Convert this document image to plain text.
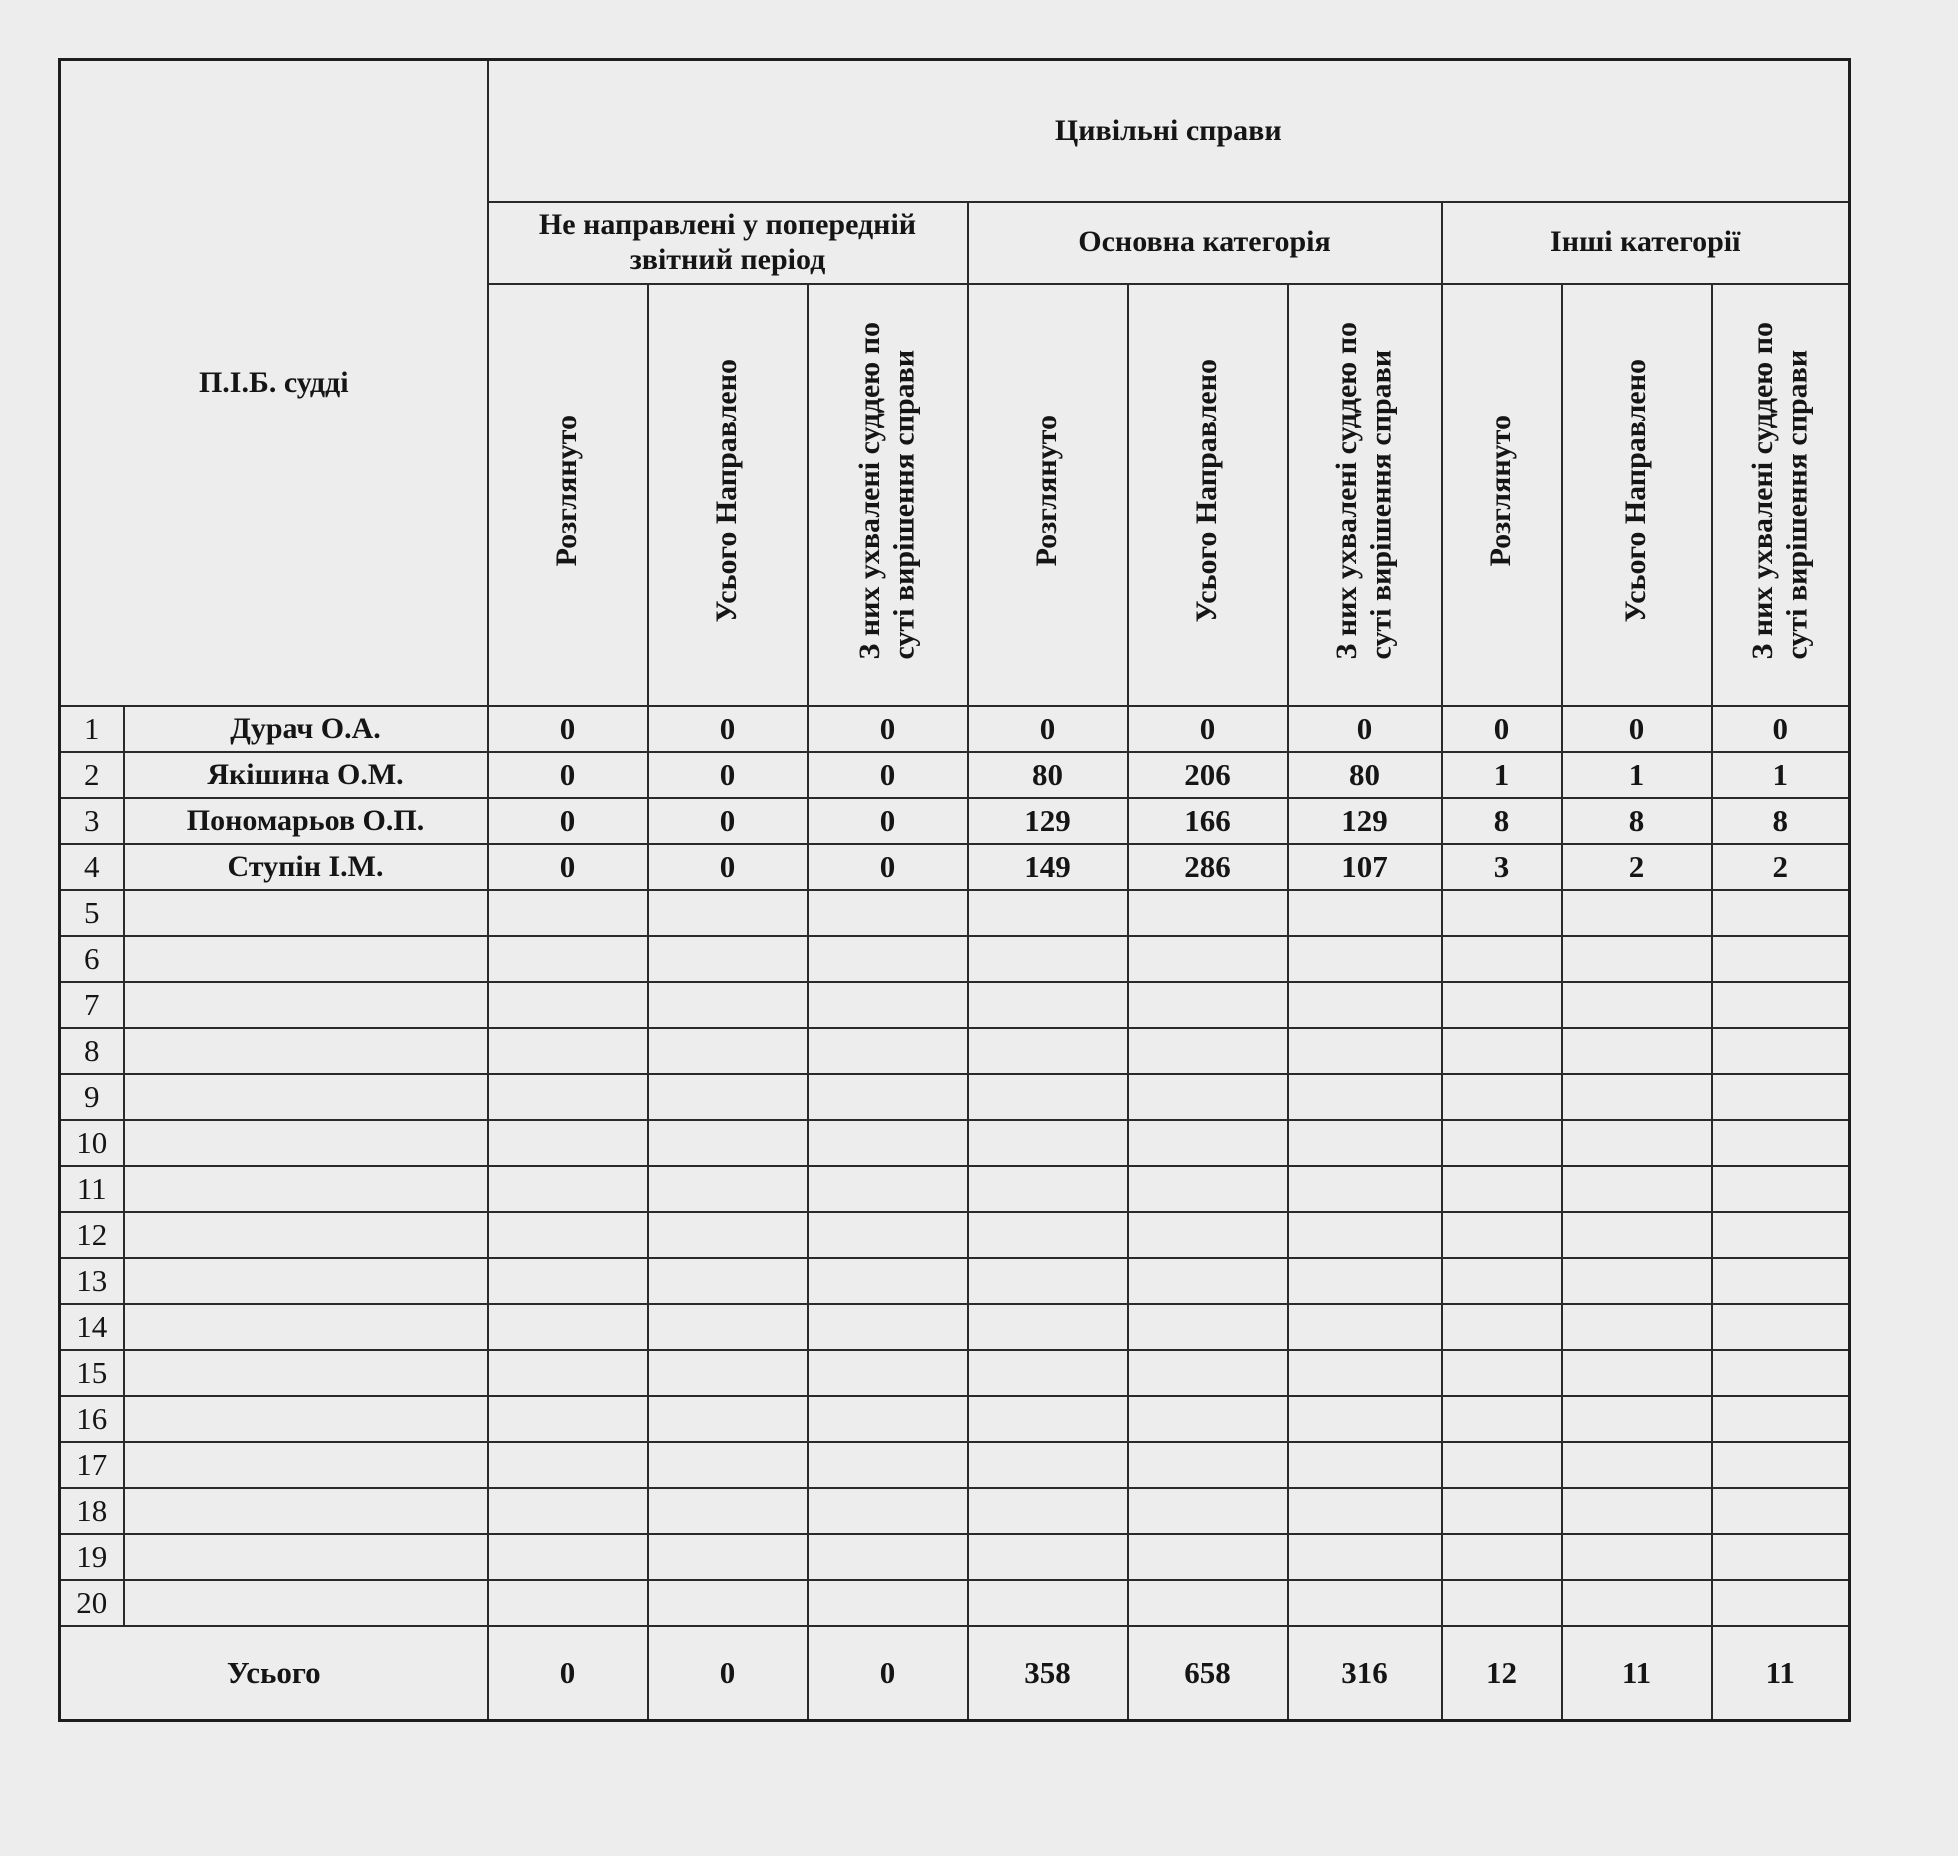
П.І.Б. судді		Цивільні справи								
		Не направлені у попередній звітний період			Основна категорія			Інші категорії		
		Розглянуто	Усього Направлено	З них ухвалені суддею по
суті вирішення справи	Розглянуто	Усього Направлено	З них ухвалені суддею по
суті вирішення справи	Розглянуто	Усього Направлено	З них ухвалені суддею по
суті вирішення справи
1	Дурач О.А.	0	0	0	0	0	0	0	0	0
2	Якішина О.М.	0	0	0	80	206	80	1	1	1
3	Пономарьов О.П.	0	0	0	129	166	129	8	8	8
4	Ступін І.М.	0	0	0	149	286	107	3	2	2
5										
6										
7										
8										
9										
10										
11										
12										
13										
14										
15										
16										
17										
18										
19										
20										
Усього		0	0	0	358	658	316	12	11	11
